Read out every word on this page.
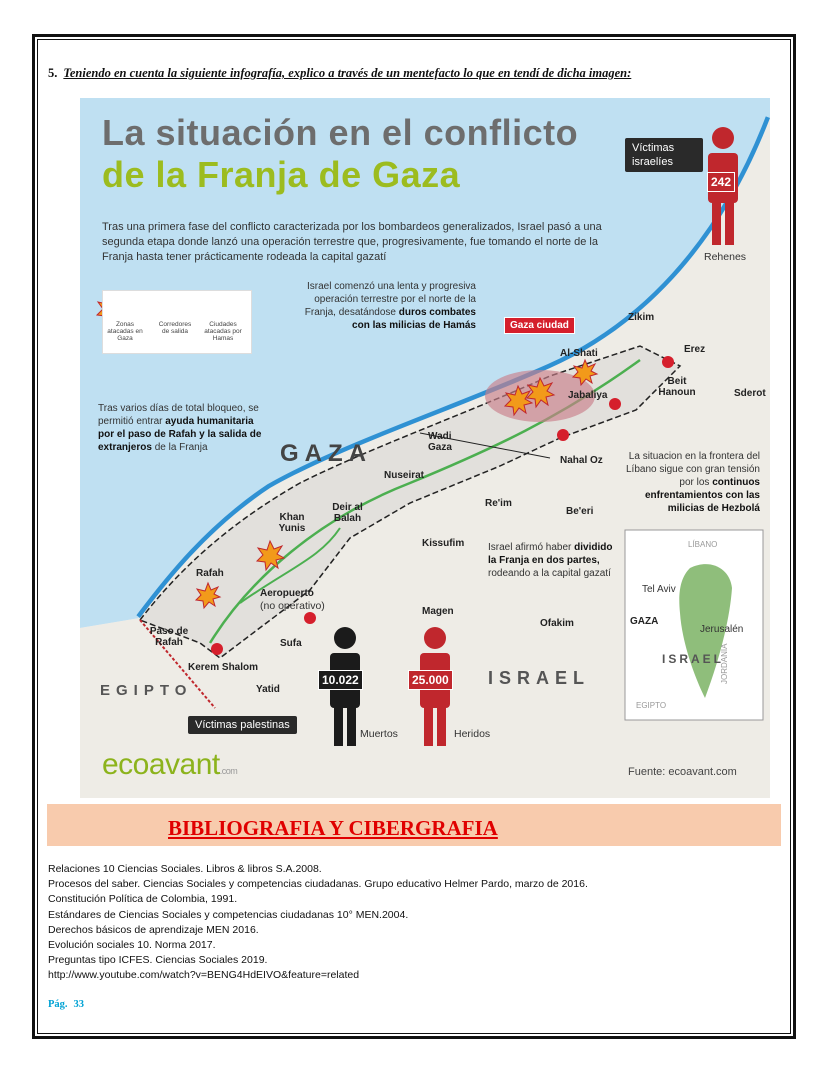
5. Teniendo en cuenta la siguiente infografía, explico a través de un mentefacto lo que en tendí de dicha imagen:
La situación en el conflicto
de la Franja de Gaza
Tras una primera fase del conflicto caracterizada por los bombardeos generalizados, Israel pasó a una segunda etapa donde lanzó una operación terrestre que, progresivamente, fue tomando el norte de la Franja hasta tener prácticamente rodeada la capital gazatí
Zonas atacadas en Gaza
Corredores de salida
Ciudades atacadas por Hamas
Víctimas israelíes
242
Rehenes
Israel comenzó una lenta y progresiva operación terrestre por el norte de la Franja, desatándose duros combates con las milicias de Hamás
Tras varios días de total bloqueo, se permitió entrar ayuda humanitaria por el paso de Rafah y la salida de extranjeros de la Franja
La situacion en la frontera del Líbano sigue con gran tensión por los continuos enfrentamientos con las milicias de Hezbolá
Israel afirmó haber dividido la Franja en dos partes, rodeando a la capital gazatí
Gaza ciudad
Zikim
Erez
Al-Shati
Jabaliya
Beit Hanoun	Sderot
Wadi Gaza
Nahal Oz
Nuseirat
Re'im
Be'eri
Deir al Balah
Khan Yunis
Kissufim
Rafah
Aeropuerto
(no operativo)	Magen
Ofakim
Paso de Rafah	Sufa
Kerem Shalom
Yatid
GAZA
EGIPTO
ISRAEL
10.022	25.000
Muertos	Heridos
Víctimas palestinas
LÍBANO
Tel Aviv
GAZA
Jerusalén
ISRAEL
EGIPTO
JORDANIA
ecoavant.com	Fuente: ecoavant.com
BIBLIOGRAFIA Y CIBERGRAFIA
Relaciones 10 Ciencias Sociales. Libros & libros S.A.2008.
Procesos del saber. Ciencias Sociales y competencias ciudadanas. Grupo educativo Helmer Pardo, marzo de 2016.
Constitución Política de Colombia, 1991.
Estándares de Ciencias Sociales y competencias ciudadanas 10° MEN.2004.
Derechos básicos de aprendizaje MEN 2016.
Evolución sociales 10. Norma 2017.
Preguntas tipo ICFES. Ciencias Sociales 2019.
http://www.youtube.com/watch?v=BENG4HdEIVO&feature=related
Pág. 33
